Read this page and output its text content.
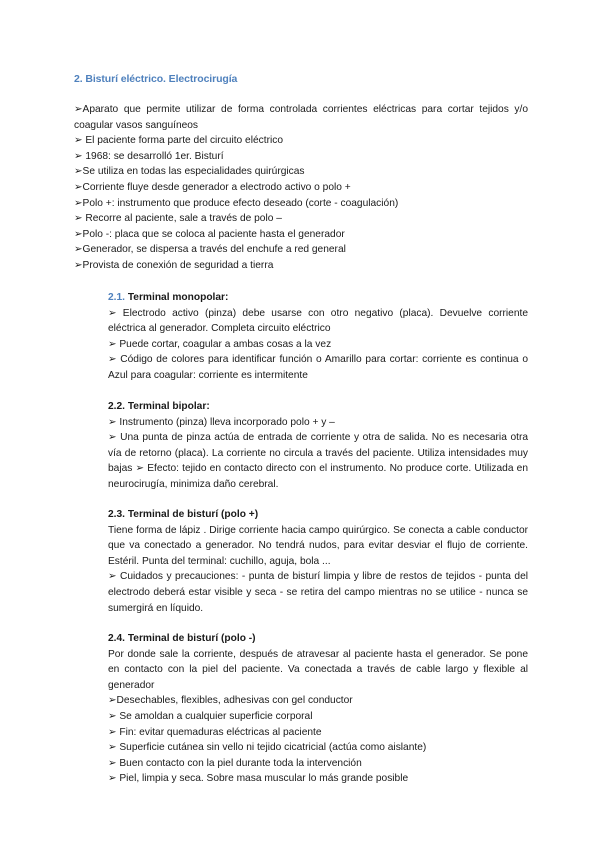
2. Bisturí eléctrico. Electrocirugía
➢Aparato que permite utilizar de forma controlada corrientes eléctricas para cortar tejidos y/o coagular vasos sanguíneos
➢ El paciente forma parte del circuito eléctrico
➢ 1968: se desarrolló 1er. Bisturí
➢Se utiliza en todas las especialidades quirúrgicas
➢Corriente fluye desde generador a electrodo activo o polo +
➢Polo +: instrumento que produce efecto deseado (corte - coagulación)
➢ Recorre al paciente, sale a través de polo –
➢Polo -: placa que se coloca al paciente hasta el generador
➢Generador, se dispersa a través del enchufe a red general
➢Provista de conexión de seguridad a tierra
2.1. Terminal monopolar:
➢ Electrodo activo (pinza) debe usarse con otro negativo (placa). Devuelve corriente eléctrica al generador. Completa circuito eléctrico
➢ Puede cortar, coagular a ambas cosas a la vez
➢ Código de colores para identificar función o Amarillo para cortar: corriente es continua o Azul para coagular: corriente es intermitente
2.2. Terminal bipolar:
➢ Instrumento (pinza) lleva incorporado polo + y –
➢ Una punta de pinza actúa de entrada de corriente y otra de salida. No es necesaria otra vía de retorno (placa). La corriente no circula a través del paciente. Utiliza intensidades muy bajas ➢ Efecto: tejido en contacto directo con el instrumento. No produce corte. Utilizada en neurocirugía, minimiza daño cerebral.
2.3. Terminal de bisturí (polo +)
Tiene forma de lápiz . Dirige corriente hacia campo quirúrgico. Se conecta a cable conductor que va conectado a generador. No tendrá nudos, para evitar desviar el flujo de corriente. Estéril. Punta del terminal: cuchillo, aguja, bola ...
➢ Cuidados y precauciones: - punta de bisturí limpia y libre de restos de tejidos - punta del electrodo deberá estar visible y seca - se retira del campo mientras no se utilice - nunca se sumergirá en líquido.
2.4. Terminal de bisturí (polo -)
Por donde sale la corriente, después de atravesar al paciente hasta el generador. Se pone en contacto con la piel del paciente. Va conectada a través de cable largo y flexible al generador
➢Desechables, flexibles, adhesivas con gel conductor
➢ Se amoldan a cualquier superficie corporal
➢ Fin: evitar quemaduras eléctricas al paciente
➢ Superficie cutánea sin vello ni tejido cicatricial (actúa como aislante)
➢ Buen contacto con la piel durante toda la intervención
➢ Piel, limpia y seca. Sobre masa muscular lo más grande posible
